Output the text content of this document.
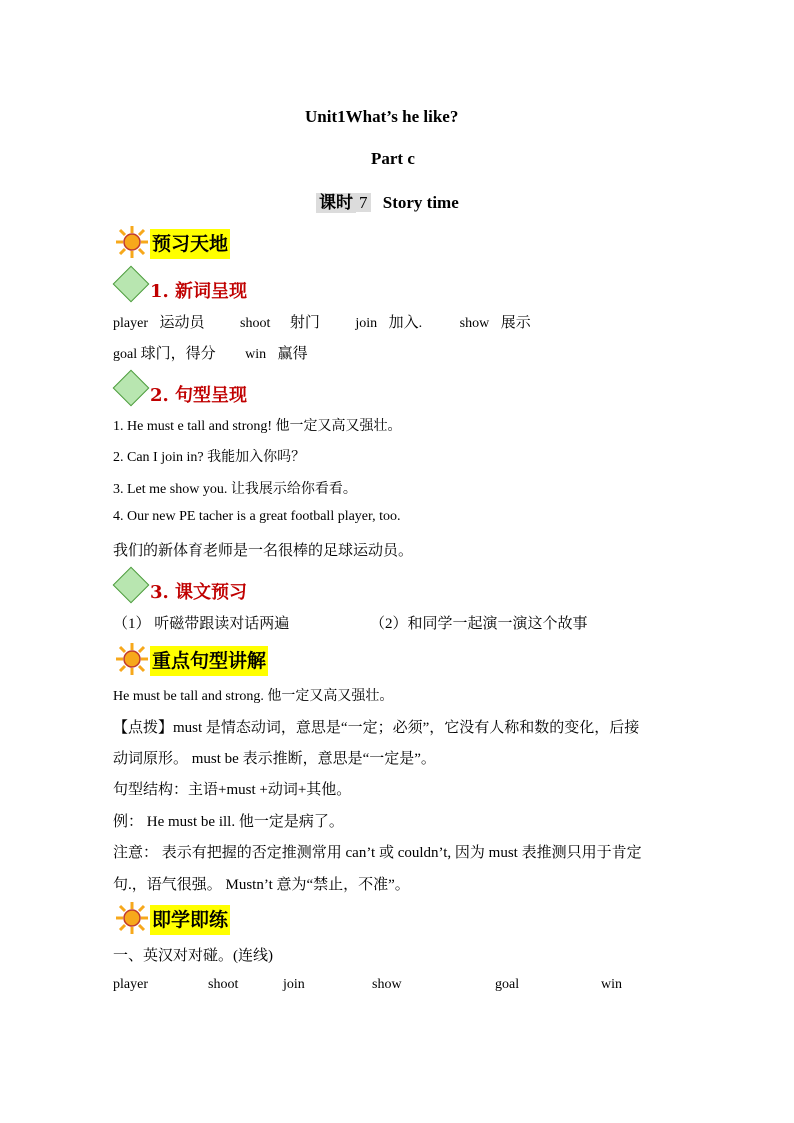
Unit1What’s he like?
Part c
课时 7 Story time
预习天地
1. 新词呈现
player 运动员	shoot 射门	join 加入.	show 展示
goal 球门，得分 win 赢得
2. 句型呈现
1. He must e tall and strong! 他一定又高又强壮。
2. Can I join in? 我能加入你吗？
3. Let me show you. 让我展示给你看看。
4. Our new PE tacher is a great football player, too.
我们的新体育老师是一名很棒的足球运动员。
3. 课文预习
（1） 听磁带跟读对话两遍	（2）和同学一起演一演这个故事
重点句型讲解
He must be tall and strong. 他一定又高又强壮。
【点拨】must 是情态动词，意思是“一定；必须”，它没有人称和数的变化，后接
动词原形。 must be 表示推断，意思是“一定是”。
句型结构：主语+must +动词+其他。
例： He must be ill. 他一定是病了。
注意： 表示有把握的否定推测常用 can’t 或 couldn’t, 因为 must 表推测只用于肯定
句.，语气很强。 Mustn’t 意为“禁止，不准”。
即学即练
一、英汉对对碰。(连线)
player	shoot	join	show	goal	win
